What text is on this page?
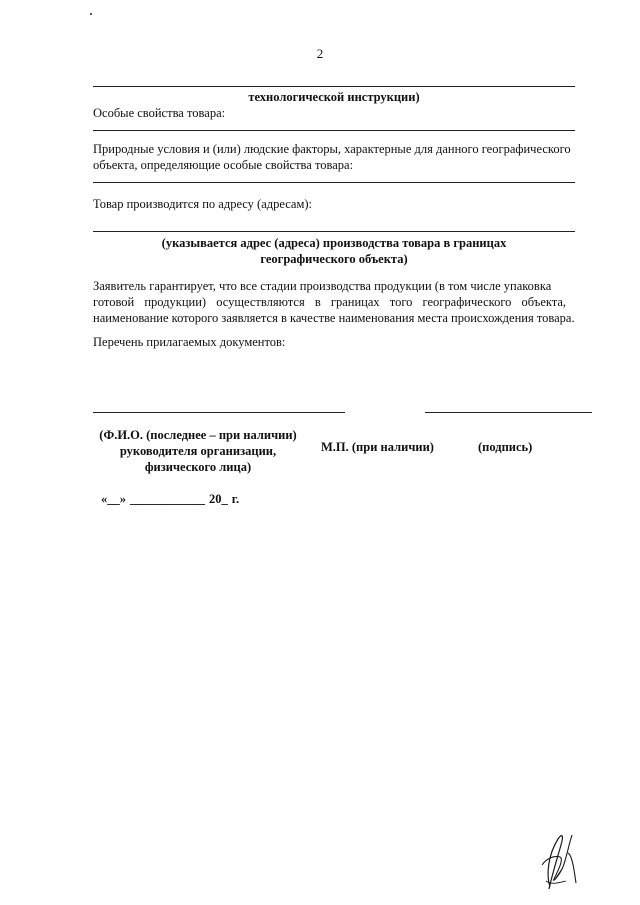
2
технологической инструкции)
Особые свойства товара:
Природные условия и (или) людские факторы, характерные для данного географического
объекта, определяющие особые свойства товара:
Товар производится по адресу (адресам):
(указывается адрес (адреса) производства товара в границах
географического объекта)
Заявитель гарантирует, что все стадии производства продукции (в том числе упаковка
готовой продукции) осуществляются в границах того географического объекта,
наименование которого заявляется в качестве наименования места происхождения товара.
Перечень прилагаемых документов:
(Ф.И.О. (последнее – при наличии)
руководителя организации,
физического лица)
М.П. (при наличии)	(подпись)
«__» ____________ 20_ г.
